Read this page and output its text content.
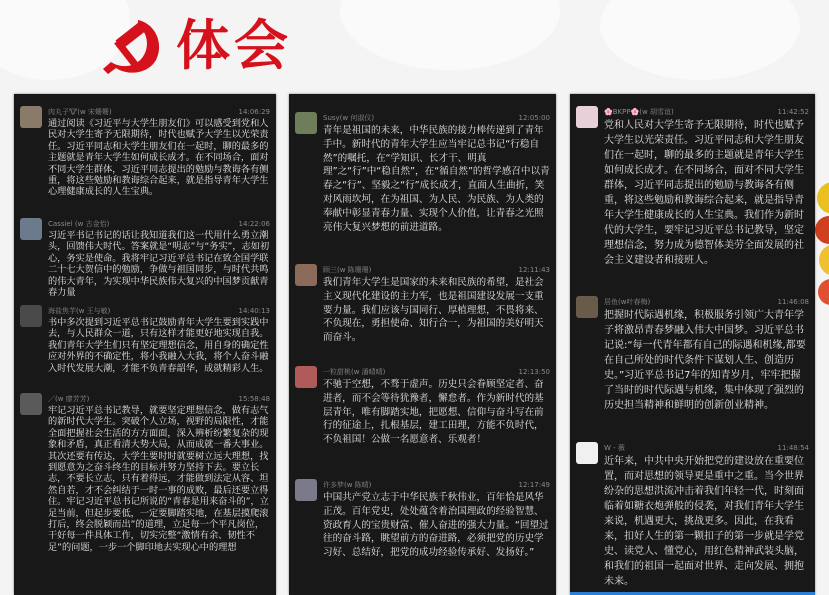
体会
肉丸子🐮(w 宋姗姗)	14:06:29
通过阅读《习近平与大学生朋友们》可以感受到党和人民对大学生寄予无限期待，时代也赋予大学生以光荣责任。习近平同志和大学生朋友们在一起时，聊的最多的主题就是青年大学生如何成长成才。在不同场合，面对不同大学生群体，习近平同志提出的勉励与教诲各有侧重，将这些勉励和教诲综合起来，就是指导青年大学生心理健康成长的人生宝典。
Cassiel (w 古金怡)	14:22:06
习近平书记书记的话让我知道我们这一代用什么勇立潮头，回馈伟大时代。答案就是“明志”与“务实”，志如初心，务实是使命。我将牢记习近平总书记在致全国学联二十七大贺信中的勉励，争做与祖国同步，与时代共鸣的伟大青年，为实现中华民族伟大复兴的中国梦贡献青春力量
海盐焦芋(w 王与敏)	14:40:13
书中多次提到习近平总书记鼓励青年大学生要到实践中去，与人民群众一道，只有这样才能更好地实现自我。我们青年大学生们只有坚定理想信念，用自身的确定性应对外界的不确定性，将小我融入大我，将个人奋斗融入时代发展大潮，才能不负青春韶华，成就精彩人生。
／(w 廖芳芳)	15:58:48
牢记习近平总书记教导，就要坚定理想信念，做有志气的新时代大学生。突破个人立场，视野的局限性，才能全面把握社会生活的方方面面，深入辨析纷繁复杂的现象和矛盾，真正看清大势大局，从而成就一番大事业。其次还要有传达，大学生要时时就要树立远大理想，找到愿意为之奋斗终生的目标并努力坚持下去。要立长志，不要长立志，只有着得远，才能做到法定从容、坦然自若，才不会纠结于一时一事的成败，最后还要立得住。牢记习近平总书记所说的“青春是用来奋斗的”，立足当前，但起步要低，一定要脚踏实地，在基层摸爬滚打后，终会脱颖而出”的道理，立足每一个平凡岗位，干好每一件具体工作，切实完整“激情有余、韧性不足”的问题，一步一个脚印地去实现心中的理想
Susy(w 何淑仪)	12:05:00
青年是祖国的未来，中华民族的接力棒传递到了青年手中。新时代的青年大学生应当牢记总书记“行稳自然”的嘱托，在“学知识、长才干、明真理”之“行”中“稳自然”，在“循自然”的哲学感召中以青春之“行”、坚毅之“行”成长成才，直面人生曲折，笑对风雨坎坷，在为祖国、为人民、为民族、为人类的奉献中彰显青春力量、实现个人价值，让青春之光照亮伟大复兴梦想的前进道路。
顾三(w 陈珊珊)	12:11:43
我们青年大学生是国家的未来和民族的希望，是社会主义现代化建设的主力军，也是祖国建设发展一支重要力量。我们应该与国同行、厚植理想，不畏将来、不负现在，勇担使命、知行合一，为祖国的美好明天而奋斗。
一粒甜桃(w 潘晴晴)	12:13:50
不驰于空想，不骛于虚声。历史只会眷顾坚定者、奋进者，而不会等待犹豫者，懈怠者。作为新时代的基层青年，唯有脚踏实地，把愿想、信仰与奋斗写在前行的征途上，扎根基层，建工田理，方能不负时代，不负祖国！公做一名愿意者、乐观者！
许多梦(w 陈晴)	12:17:49
中国共产党立志于中华民族千秋伟业，百年恰是风华正茂。百年党史，处处蕴含着治国理政的经验智慧、资政育人的宝贵财富、催人奋进的强大力量。“回望过往的奋斗路，眺望前方的奋进路，必须把党的历史学习好、总结好，把党的成功经验传承好、发扬好。”
🌸BKPP🌸(w 胡雪谊)	11:42:52
党和人民对大学生寄予无限期待，时代也赋予大学生以光荣责任。习近平同志和大学生朋友们在一起时，聊的最多的主题就是青年大学生如何成长成才。在不同场合，面对不同大学生群体，习近平同志提出的勉励与教诲各有侧重，将这些勉励和教诲综合起来，就是指导青年大学生健康成长的人生宝典。我们作为新时代的大学生，要牢记习近平总书记教导，坚定理想信念，努力成为德智体美劳全面发展的社会主义建设者和接班人。
居鱼(w叶春梅)	11:46:08
把握时代际遇机缘，积极服务引领广大青年学子将激昂青春梦融入伟大中国梦。习近平总书记说:“每一代青年都有自己的际遇和机缘,都要在自己所处的时代条件下谋划人生、创造历史。”习近平总书记7年的知青岁月，牢牢把握了当时的时代际遇与机缘，集中体现了强烈的历史担当精神和鲜明的创新创业精神。
W - 薇	11:48:54
近年来，中共中央开始把党的建设放在重要位置，而对思想的领导更是重中之重。当今世界纷杂的思想洪流冲击着我们年轻一代，时刻面临着如糖衣炮弹般的侵袭，对我们青年大学生来说，机遇更大，挑战更多。因此，在我看来，扣好人生的第一颗扣子的第一步就是学党史、读党人、懂党心，用红色精神武装头脑，和我们的祖国一起面对世界、走向发展、拥抱未来。
